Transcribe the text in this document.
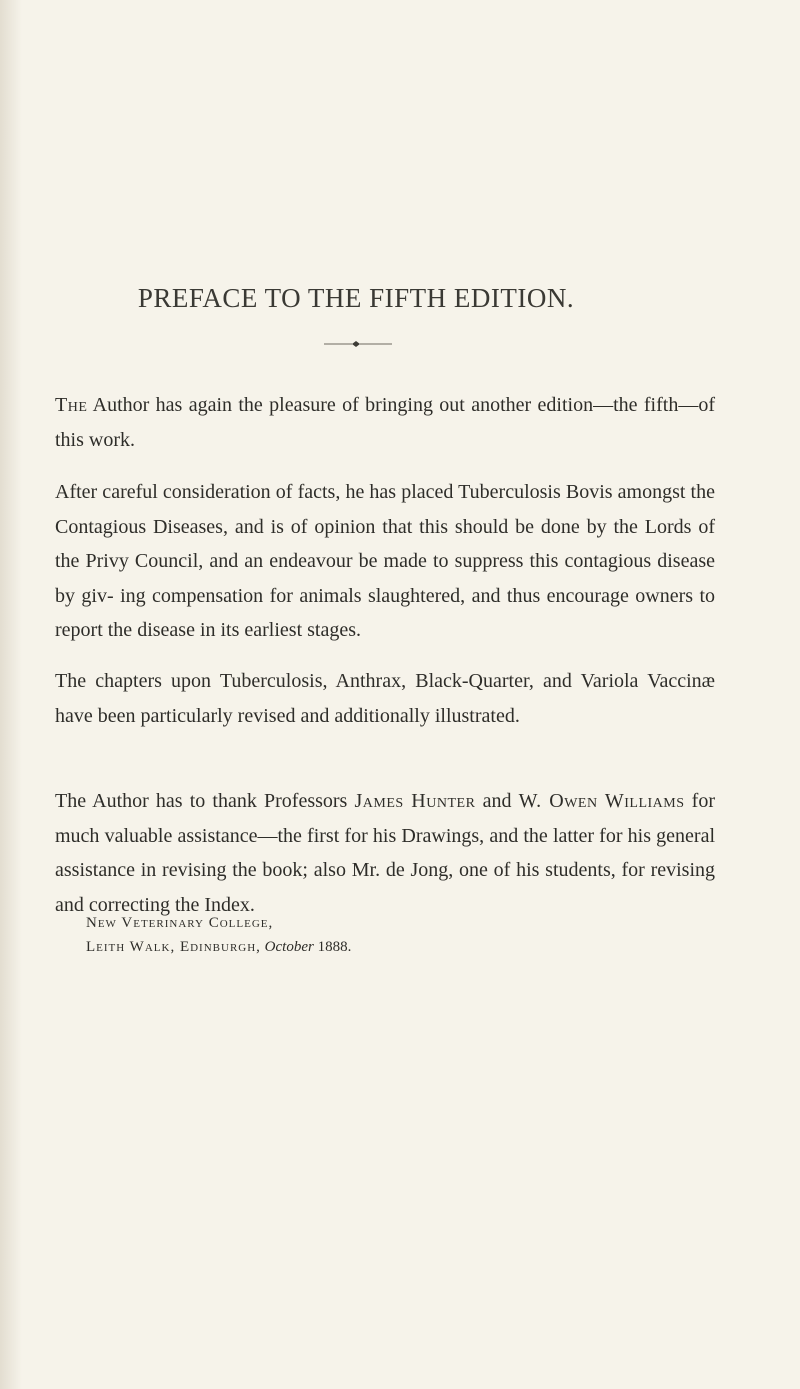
PREFACE TO THE FIFTH EDITION.

The Author has again the pleasure of bringing out another edition—the fifth—of this work.

After careful consideration of facts, he has placed Tuberculosis Bovis amongst the Contagious Diseases, and is of opinion that this should be done by the Lords of the Privy Council, and an endeavour be made to suppress this contagious disease by giv- ing compensation for animals slaughtered, and thus encourage owners to report the disease in its earliest stages.

The chapters upon Tuberculosis, Anthrax, Black-Quarter, and Variola Vaccinæ have been particularly revised and additionally illustrated.

The Author has to thank Professors James Hunter and W. Owen Williams for much valuable assistance—the first for his Drawings, and the latter for his general assistance in revising the book; also Mr. de Jong, one of his students, for revising and correcting the Index.

New Veterinary College,
Leith Walk, Edinburgh, October 1888.
